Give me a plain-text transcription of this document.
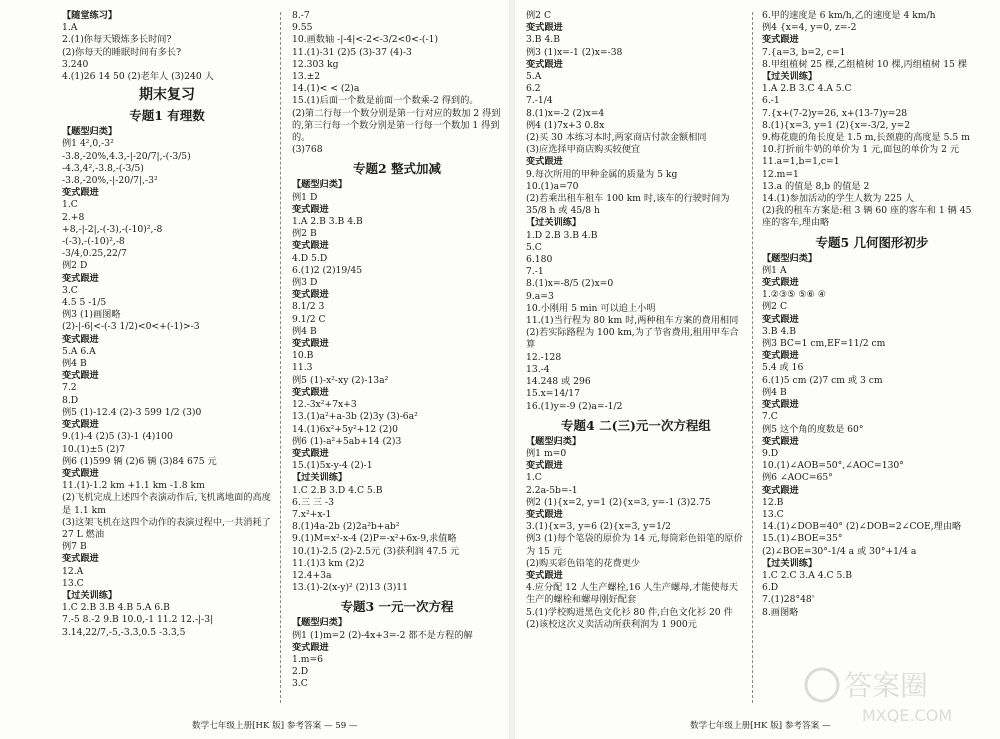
【随堂练习】
1.A
2.(1)你每天锻炼多长时间?
(2)你每天的睡眠时间有多长?
3.240
4.(1)26 14 50 (2)老年人 (3)240 人
期末复习
专题1 有理数
【题型归类】
例1 4²,0,-3²
-3.8,-20%,4.3,-|-20/7|,-(-3/5)
-4.3,4²,-3.8,-(-3/5)
-3.8,-20%,-|-20/7|,-3²
变式跟进
1.C
2.+8
+8,-|-2|,-(-3),-(-10)²,-8
-(-3),-(-10)²,-8
-3/4,0.25,22/7
例2 D
变式跟进
3.C
4.5 5 -1/5
例3 (1)画图略
(2)-|-6|<-(-3 1/2)<0<+(-1)>-3
变式跟进
5.A 6.A
例4 B
变式跟进
7.2
8.D
例5 (1)-12.4 (2)-3 599 1/2 (3)0
变式跟进
9.(1)-4 (2)5 (3)-1 (4)100
10.(1)±5 (2)7
例6 (1)599 辆 (2)6 辆 (3)84 675 元
变式跟进
11.(1)-1.2 km +1.1 km -1.8 km
(2)飞机完成上述四个表演动作后,飞机离地面的高度是 1.1 km
(3)这架飞机在这四个动作的表演过程中,一共消耗了 27 L 燃油
例7 B
变式跟进
12.A
13.C
【过关训练】
1.C 2.B 3.B 4.B 5.A 6.B
7.-5 8.-2 9.B 10.0,-1 11.2 12.-|-3|
3.14,22/7,-5,-3.3̇,0.5̇ -3.3̇,5
8.-7
9.55
10.画数轴 -|-4|<-2<-3/2<0<-(-1)
11.(1)-31 (2)5 (3)-37 (4)-3
12.303 kg
13.±2
14.(1)< < (2)a
15.(1)后面一个数是前面一个数乘-2 得到的。
(2)第二行每一个数分别是第一行对应的数加 2 得到的,第三行每一个数分别是第一行每一个数加 1 得到的。
(3)768
专题2 整式加减
【题型归类】
例1 D
变式跟进
1.A 2.B 3.B 4.B
例2 B
变式跟进
4.D 5.D
6.(1)2 (2)19/45
例3 D
变式跟进
8.1/2 3
9.1/2 C
例4 B
变式跟进
10.B
11.3
例5 (1)-x²-xy (2)-13a²
变式跟进
12.-3x²+7x+3
13.(1)a²+a-3b (2)3y (3)-6a²
14.(1)6x²+5y²+12 (2)0
例6 (1)-a²+5ab+14 (2)3
变式跟进
15.(1)5x-y-4 (2)-1
【过关训练】
1.C 2.B 3.D 4.C 5.B
6.三 三 -3
7.x²+x-1
8.(1)4a-2b (2)2a²b+ab²
9.(1)M=x²-x-4 (2)P=-x²+6x-9,求值略
10.(1)-2.5 (2)-2.5元 (3)获利润 47.5 元
11.(1)3 km (2)2
12.4+3a
13.(1)-2(x-y)² (2)13 (3)11
专题3 一元一次方程
【题型归类】
例1 (1)m=2 (2)-4x+3=-2 都不是方程的解
变式跟进
1.m=6
2.D
3.C
例2 C
变式跟进
3.B 4.B
例3 (1)x=-1 (2)x=-38
变式跟进
5.A
6.2
7.-1/4
8.(1)x=-2 (2)x=4
例4 (1)7x+3 0.8x
(2)买 30 本练习本时,两家商店付款金额相同
(3)应选择甲商店购买较便宜
变式跟进
9.每次所用的甲种金属的质量为 5 kg
10.(1)a=70
(2)若乘出租车租车 100 km 时,该车的行驶时间为
35/8 h 或 45/8 h
【过关训练】
1.D 2.B 3.B 4.B
5.C
6.180
7.-1
8.(1)x=-8/5 (2)x=0
9.a=3
10.小刚用 5 min 可以追上小明
11.(1)当行程为 80 km 时,两种租车方案的费用相同
(2)若实际路程为 100 km,为了节省费用,租用甲车合算
12.-128
13.-4
14.248 或 296
15.x=14/17
16.(1)y=-9 (2)a=-1/2
专题4 二(三)元一次方程组
【题型归类】
例1 m=0
变式跟进
1.C
2.2a-5b=-1
例2 (1){x=2, y=1 (2){x=3, y=-1 (3)2.75
变式跟进
3.(1){x=3, y=6 (2){x=3, y=1/2
例3 (1)每个笔袋的原价为 14 元,每筒彩色铅笔的原价为 15 元
(2)购买彩色铅笔的花费更少
变式跟进
4.应分配 12 人生产螺栓,16 人生产螺母,才能使每天生产的螺栓和螺母刚好配套
5.(1)学校购进黑色文化衫 80 件,白色文化衫 20 件
(2)该校这次义卖活动所获利润为 1 900元
6.甲的速度是 6 km/h,乙的速度是 4 km/h
例4 {x=4, y=0, z=-2
变式跟进
7.{a=3, b=2, c=1
8.甲组植树 25 棵,乙组植树 10 棵,丙组植树 15 棵
【过关训练】
1.A 2.B 3.C 4.A 5.C
6.-1
7.{x+(7-2)y=26, x+(13-7)y=28
8.(1){x=3, y=1 (2){x=-3/2, y=2
9.梅花鹿的角长度是 1.5 m,长颈鹿的高度是 5.5 m
10.打折前牛奶的单价为 1 元,面包的单价为 2 元
11.a=1,b=1,c=1
12.m=1
13.a 的值是 8,b 的值是 2
14.(1)参加活动的学生人数为 225 人
(2)我的租车方案是:租 3 辆 60 座的客车和 1 辆 45 座的客车,理由略
专题5 几何图形初步
【题型归类】
例1 A
变式跟进
1.②③⑤ ⑤⑥ ④
例2 C
变式跟进
3.B 4.B
例3 BC=1 cm,EF=11/2 cm
变式跟进
5.4 或 16
6.(1)5 cm (2)7 cm 或 3 cm
例4 B
变式跟进
7.C
例5 这个角的度数是 60°
变式跟进
9.D
10.(1)∠AOB=50°,∠AOC=130°
例6 ∠AOC=65°
变式跟进
12.B
13.C
14.(1)∠DOB=40° (2)∠DOB=2∠COE,理由略
15.(1)∠BOE=35°
(2)∠BOE=30°-1/4 a 或 30°+1/4 a
【过关训练】
1.C 2.C 3.A 4.C 5.B
6.D
7.(1)28°48'
8.画图略
数学七年级上册[HK 版] 参考答案 — 59 —	数学七年级上册[HK 版] 参考答案 —
答案圈
MXQE.COM
